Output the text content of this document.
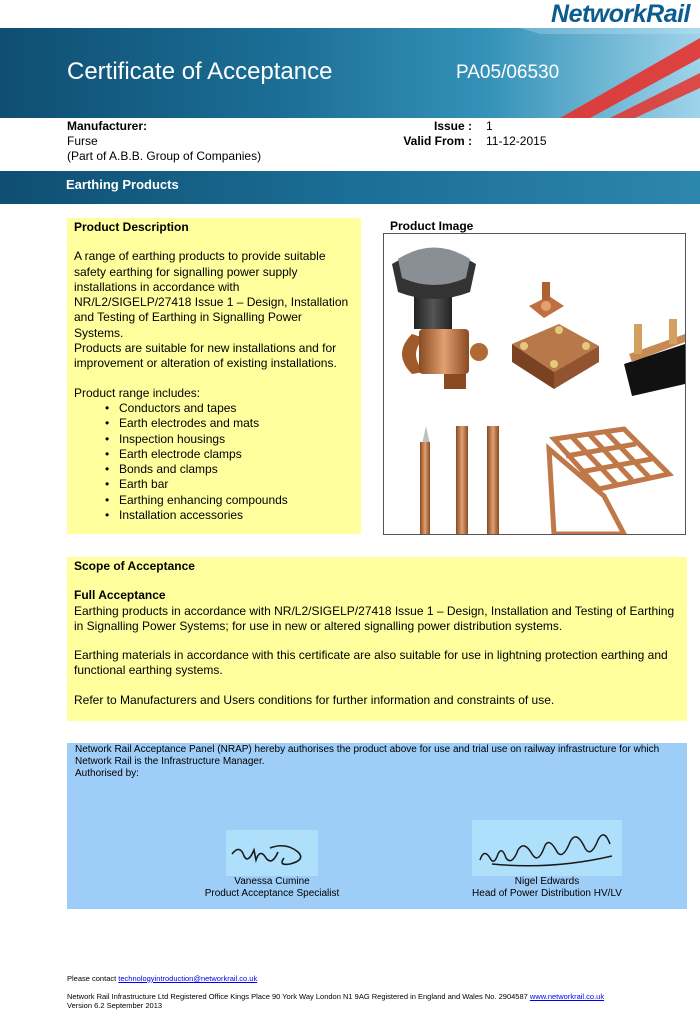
NetworkRail
Certificate of Acceptance	PA05/06530
Manufacturer:
Furse
(Part of A.B.B. Group of Companies)
Issue : 1
Valid From : 11-12-2015
Earthing Products
Product Description
A range of earthing products to provide suitable safety earthing for signalling power supply installations in accordance with NR/L2/SIGELP/27418 Issue 1 – Design, Installation and Testing of Earthing in Signalling Power Systems.

Products are suitable for new installations and for improvement or alteration of existing installations.

Product range includes:
• Conductors and tapes
• Earth electrodes and mats
• Inspection housings
• Earth electrode clamps
• Bonds and clamps
• Earth bar
• Earthing enhancing compounds
• Installation accessories
Product Image
Scope of Acceptance
Full Acceptance

Earthing products in accordance with NR/L2/SIGELP/27418 Issue 1 – Design, Installation and Testing of Earthing in Signalling Power Systems; for use in new or altered signalling power distribution systems.

Earthing materials in accordance with this certificate are also suitable for use in lightning protection earthing and functional earthing systems.

Refer to Manufacturers and Users conditions for further information and constraints of use.

Network Rail Acceptance Panel (NRAP) hereby authorises the product above for use and trial use on railway infrastructure for which Network Rail is the Infrastructure Manager.
Authorised by:
Vanessa Cumine
Product Acceptance Specialist
Nigel Edwards
Head of Power Distribution HV/LV
Please contact technologyintroduction@networkrail.co.uk
Network Rail Infrastructure Ltd Registered Office Kings Place 90 York Way London N1 9AG Registered in England and Wales No. 2904587 www.networkrail.co.uk
Version 6.2 September 2013
